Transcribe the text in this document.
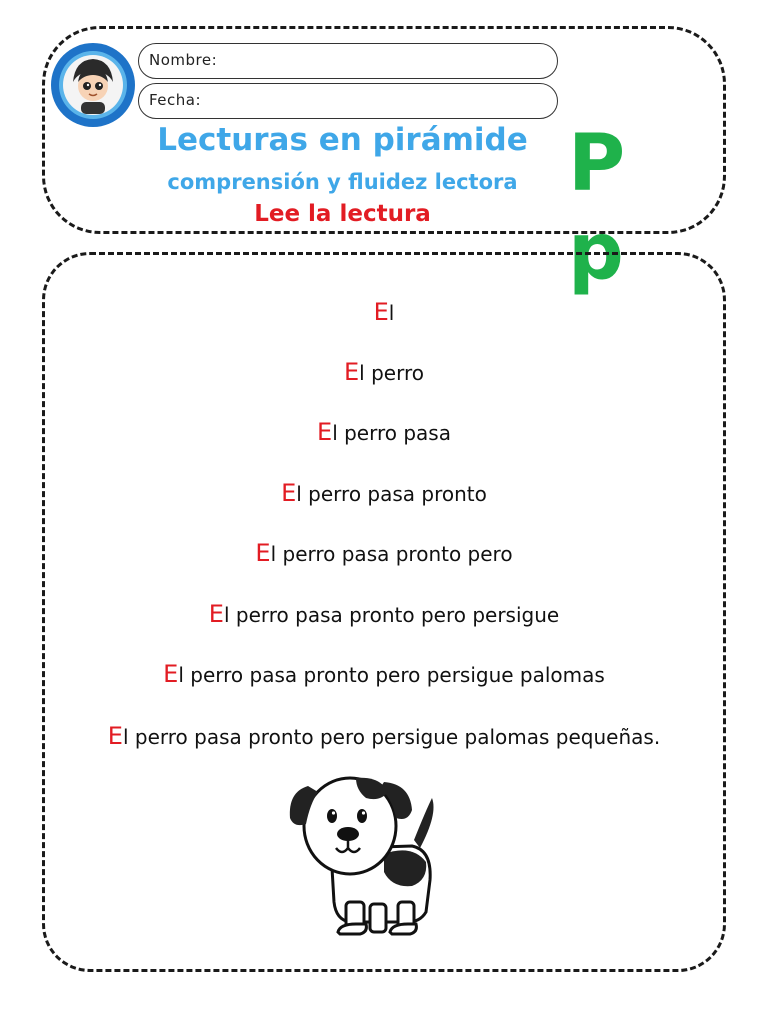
Nombre:
Fecha:
Lecturas en pirámide
comprensión y fluidez lectora
Lee la lectura
P p
El
El perro
El perro pasa
El perro pasa pronto
El perro pasa pronto pero
El perro pasa pronto pero persigue
El perro pasa pronto pero persigue palomas
El perro pasa pronto pero persigue palomas pequeñas.
